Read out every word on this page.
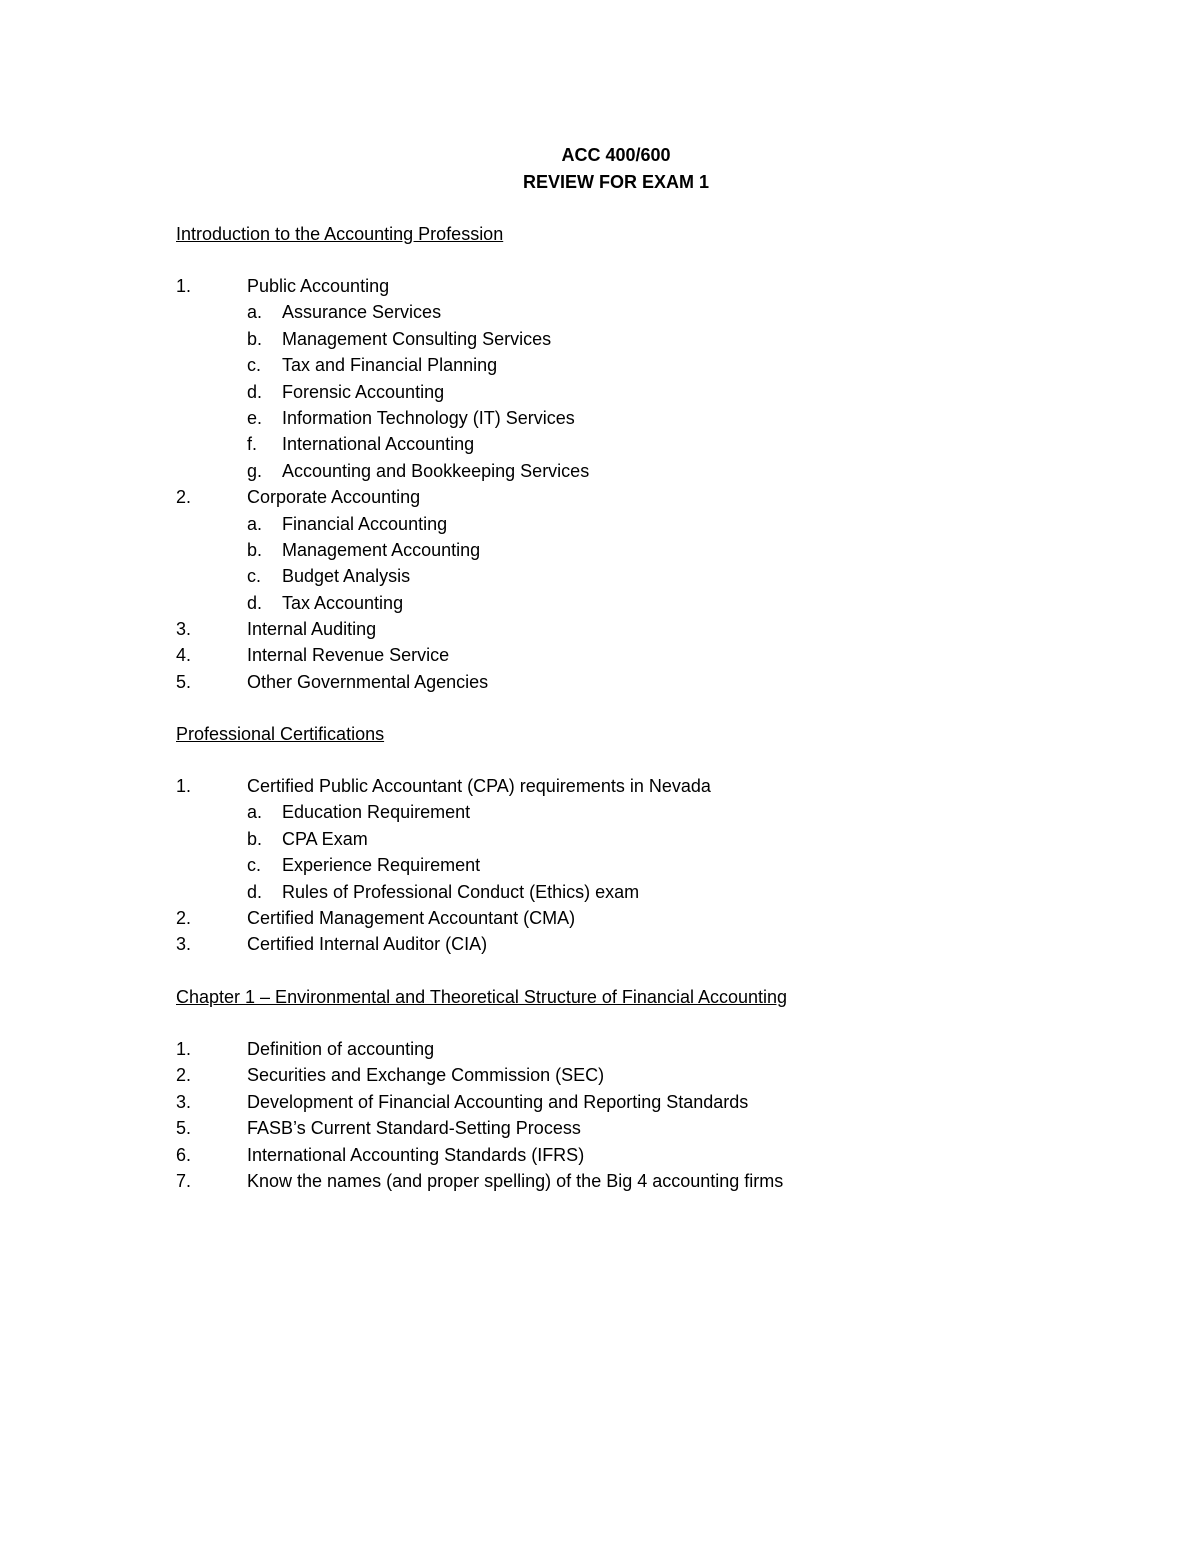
ACC 400/600
REVIEW FOR EXAM 1
Introduction to the Accounting Profession
1.	Public Accounting
a. Assurance Services
b. Management Consulting Services
c. Tax and Financial Planning
d. Forensic Accounting
e. Information Technology (IT) Services
f. International Accounting
g. Accounting and Bookkeeping Services
2.	Corporate Accounting
a. Financial Accounting
b. Management Accounting
c. Budget Analysis
d. Tax Accounting
3.	Internal Auditing
4.	Internal Revenue Service
5.	Other Governmental Agencies
Professional Certifications
1.	Certified Public Accountant (CPA) requirements in Nevada
a. Education Requirement
b. CPA Exam
c. Experience Requirement
d. Rules of Professional Conduct (Ethics) exam
2.	Certified Management Accountant (CMA)
3.	Certified Internal Auditor (CIA)
Chapter 1 – Environmental and Theoretical Structure of Financial Accounting
1.	Definition of accounting
2.	Securities and Exchange Commission (SEC)
3.	Development of Financial Accounting and Reporting Standards
5.	FASB’s Current Standard-Setting Process
6.	International Accounting Standards (IFRS)
7.	Know the names (and proper spelling) of the Big 4 accounting firms
